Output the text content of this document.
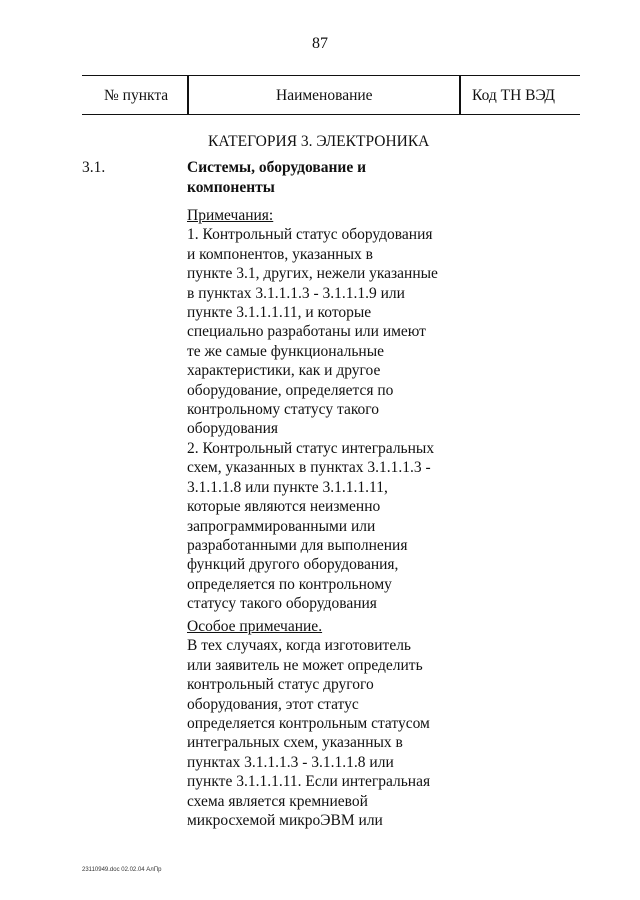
87
№ пункта	Наименование	Код ТН ВЭД
КАТЕГОРИЯ 3. ЭЛЕКТРОНИКА
3.1.	Системы, оборудование и
компоненты
Примечания:
1. Контрольный статус оборудования
и компонентов, указанных в
пункте 3.1, других, нежели указанные
в пунктах 3.1.1.1.3 - 3.1.1.1.9 или
пункте 3.1.1.1.11, и которые
специально разработаны или имеют
те же самые функциональные
характеристики, как и другое
оборудование, определяется по
контрольному статусу такого
оборудования
2. Контрольный статус интегральных
схем, указанных в пунктах 3.1.1.1.3 -
3.1.1.1.8 или пункте 3.1.1.1.11,
которые являются неизменно
запрограммированными или
разработанными для выполнения
функций другого оборудования,
определяется по контрольному
статусу такого оборудования
Особое примечание.
В тех случаях, когда изготовитель
или заявитель не может определить
контрольный статус другого
оборудования, этот статус
определяется контрольным статусом
интегральных схем, указанных в
пунктах 3.1.1.1.3 - 3.1.1.1.8 или
пункте 3.1.1.1.11. Если интегральная
схема является кремниевой
микросхемой микроЭВМ или
23110949.doc 02.02.04 АлПр
